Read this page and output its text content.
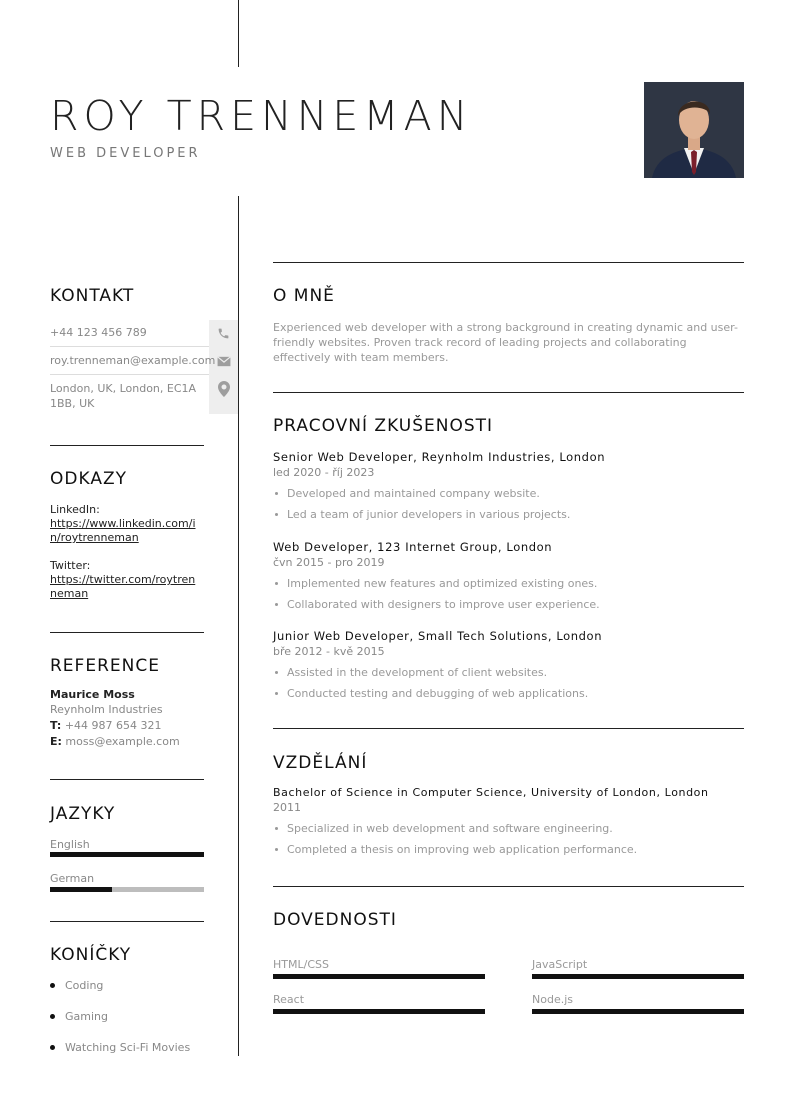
ROY TRENNEMAN
WEB DEVELOPER
KONTAKT
+44 123 456 789
roy.trenneman@example.com
London, UK, London, EC1A 1BB, UK
ODKAZY
LinkedIn:
https://www.linkedin.com/in/roytrenneman
Twitter:
https://twitter.com/roytrenneman
REFERENCE
Maurice Moss
Reynholm Industries
T: +44 987 654 321
E: moss@example.com
JAZYKY
English
German
KONÍČKY
Coding
Gaming
Watching Sci-Fi Movies
O MNĚ
Experienced web developer with a strong background in creating dynamic and user-friendly websites. Proven track record of leading projects and collaborating effectively with team members.
PRACOVNÍ ZKUŠENOSTI
Senior Web Developer, Reynholm Industries, London
led 2020 - říj 2023
Developed and maintained company website.
Led a team of junior developers in various projects.
Web Developer, 123 Internet Group, London
čvn 2015 - pro 2019
Implemented new features and optimized existing ones.
Collaborated with designers to improve user experience.
Junior Web Developer, Small Tech Solutions, London
bře 2012 - kvě 2015
Assisted in the development of client websites.
Conducted testing and debugging of web applications.
VZDĚLÁNÍ
Bachelor of Science in Computer Science, University of London, London
2011
Specialized in web development and software engineering.
Completed a thesis on improving web application performance.
DOVEDNOSTI
HTML/CSS	JavaScript
React	Node.js
